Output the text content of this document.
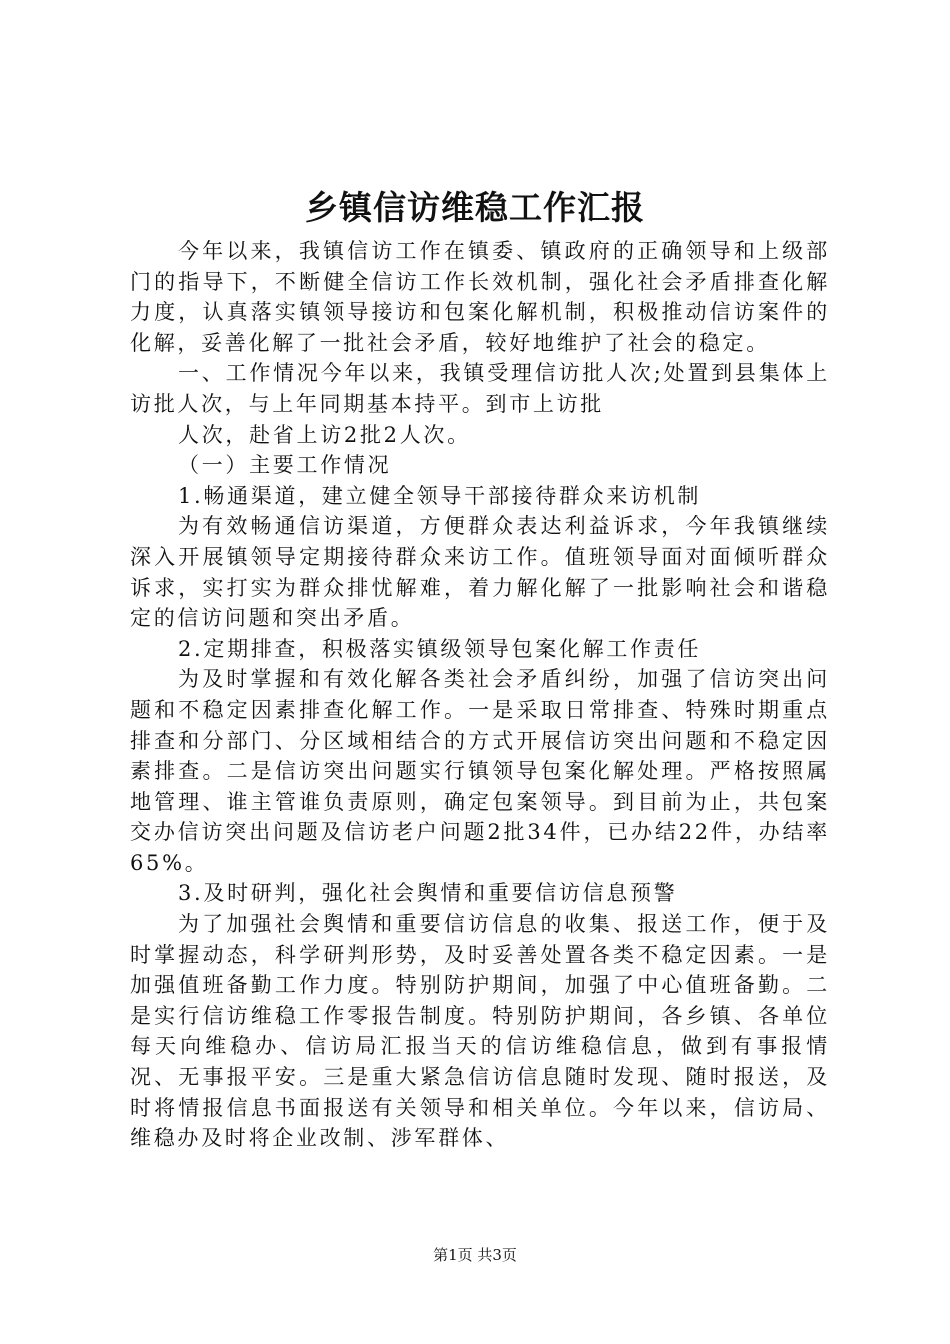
乡镇信访维稳工作汇报

今年以来，我镇信访工作在镇委、镇政府的正确领导和上级部门的指导下，不断健全信访工作长效机制，强化社会矛盾排查化解力度，认真落实镇领导接访和包案化解机制，积极推动信访案件的化解，妥善化解了一批社会矛盾，较好地维护了社会的稳定。

一、工作情况今年以来，我镇受理信访批人次;处置到县集体上访批人次，与上年同期基本持平。到市上访批

人次，赴省上访2批2人次。

（一）主要工作情况

1.畅通渠道，建立健全领导干部接待群众来访机制

为有效畅通信访渠道，方便群众表达利益诉求，今年我镇继续深入开展镇领导定期接待群众来访工作。值班领导面对面倾听群众诉求，实打实为群众排忧解难，着力解化解了一批影响社会和谐稳定的信访问题和突出矛盾。

2.定期排查，积极落实镇级领导包案化解工作责任

为及时掌握和有效化解各类社会矛盾纠纷，加强了信访突出问题和不稳定因素排查化解工作。一是采取日常排查、特殊时期重点排查和分部门、分区域相结合的方式开展信访突出问题和不稳定因素排查。二是信访突出问题实行镇领导包案化解处理。严格按照属地管理、谁主管谁负责原则，确定包案领导。到目前为止，共包案交办信访突出问题及信访老户问题2批34件，已办结22件，办结率65%。

3.及时研判，强化社会舆情和重要信访信息预警

为了加强社会舆情和重要信访信息的收集、报送工作，便于及时掌握动态，科学研判形势，及时妥善处置各类不稳定因素。一是加强值班备勤工作力度。特别防护期间，加强了中心值班备勤。二是实行信访维稳工作零报告制度。特别防护期间，各乡镇、各单位每天向维稳办、信访局汇报当天的信访维稳信息，做到有事报情况、无事报平安。三是重大紧急信访信息随时发现、随时报送，及时将情报信息书面报送有关领导和相关单位。今年以来，信访局、维稳办及时将企业改制、涉军群体、

第1页 共3页
